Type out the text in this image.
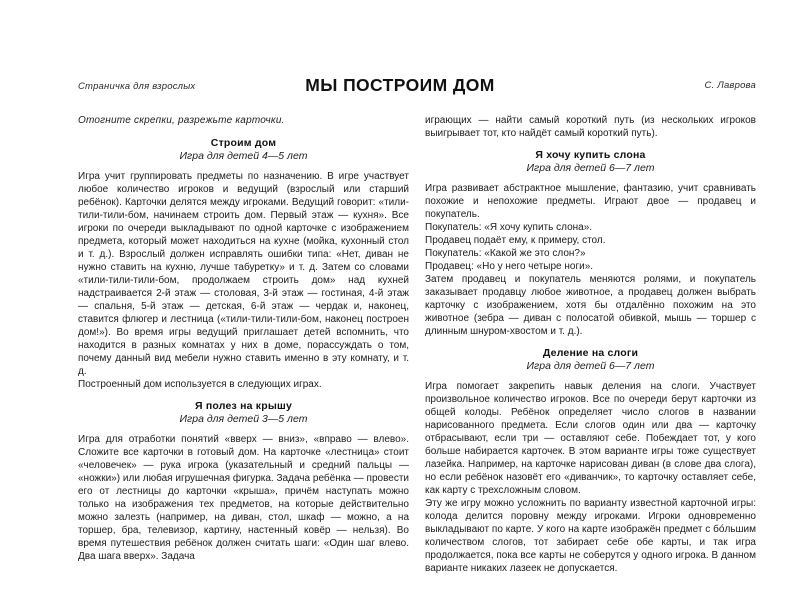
Страничка для взрослых	МЫ ПОСТРОИМ ДОМ	С. Лаврова

Отогните скрепки, разрежьте карточки.

Строим дом
Игра для детей 4—5 лет

Игра учит группировать предметы по назначению. В игре участвует любое количество игроков и ведущий (взрослый или старший ребёнок). Карточки делятся между игроками. Ведущий говорит: «тили-тили-тили-бом, начинаем строить дом. Первый этаж — кухня». Все игроки по очереди выкладывают по одной карточке с изображением предмета, который может находиться на кухне (мойка, кухонный стол и т. д.). Взрослый должен исправлять ошибки типа: «Нет, диван не нужно ставить на кухню, лучше табуретку» и т. д. Затем со словами «тили-тили-тили-бом, продолжаем строить дом» над кухней надстраивается 2-й этаж — столовая, 3-й этаж — гостиная, 4-й этаж — спальня, 5-й этаж — детская, 6-й этаж — чердак и, наконец, ставится флюгер и лестница («тили-тили-тили-бом, наконец построен дом!»). Во время игры ведущий приглашает детей вспомнить, что находится в разных комнатах у них в доме, порассуждать о том, почему данный вид мебели нужно ставить именно в эту комнату, и т. д.

Построенный дом используется в следующих играх.

Я полез на крышу
Игра для детей 3—5 лет

Игра для отработки понятий «вверх — вниз», «вправо — влево». Сложите все карточки в готовый дом. На карточке «лестница» стоит «человечек» — рука игрока (указательный и средний пальцы — «ножки») или любая игрушечная фигурка. Задача ребёнка — провести его от лестницы до карточки «крыша», причём наступать можно только на изображения тех предметов, на которые действительно можно залезть (например, на диван, стол, шкаф — можно, а на торшер, бра, телевизор, картину, настенный ковёр — нельзя). Во время путешествия ребёнок должен считать шаги: «Один шаг влево. Два шага вверх». Задача

играющих — найти самый короткий путь (из нескольких игроков выигрывает тот, кто найдёт самый короткий путь).

Я хочу купить слона
Игра для детей 6—7 лет

Игра развивает абстрактное мышление, фантазию, учит сравнивать похожие и непохожие предметы. Играют двое — продавец и покупатель.

Покупатель: «Я хочу купить слона».

Продавец подаёт ему, к примеру, стол.

Покупатель: «Какой же это слон?»

Продавец: «Но у него четыре ноги».

Затем продавец и покупатель меняются ролями, и покупатель заказывает продавцу любое животное, а продавец должен выбрать карточку с изображением, хотя бы отдалённо похожим на это животное (зебра — диван с полосатой обивкой, мышь — торшер с длинным шнуром-хвостом и т. д.).

Деление на слоги
Игра для детей 6—7 лет

Игра помогает закрепить навык деления на слоги. Участвует произвольное количество игроков. Все по очереди берут карточки из общей колоды. Ребёнок определяет число слогов в названии нарисованного предмета. Если слогов один или два — карточку отбрасывают, если три — оставляют себе. Побеждает тот, у кого больше набирается карточек. В этом варианте игры тоже существует лазейка. Например, на карточке нарисован диван (в слове два слога), но если ребёнок назовёт его «диванчик», то карточку оставляет себе, как карту с трехсложным словом.

Эту же игру можно усложнить по варианту известной карточной игры: колода делится поровну между игроками. Игроки одновременно выкладывают по карте. У кого на карте изображён предмет с бо́льшим количеством слогов, тот забирает себе обе карты, и так игра продолжается, пока все карты не соберутся у одного игрока. В данном варианте никаких лазеек не допускается.
